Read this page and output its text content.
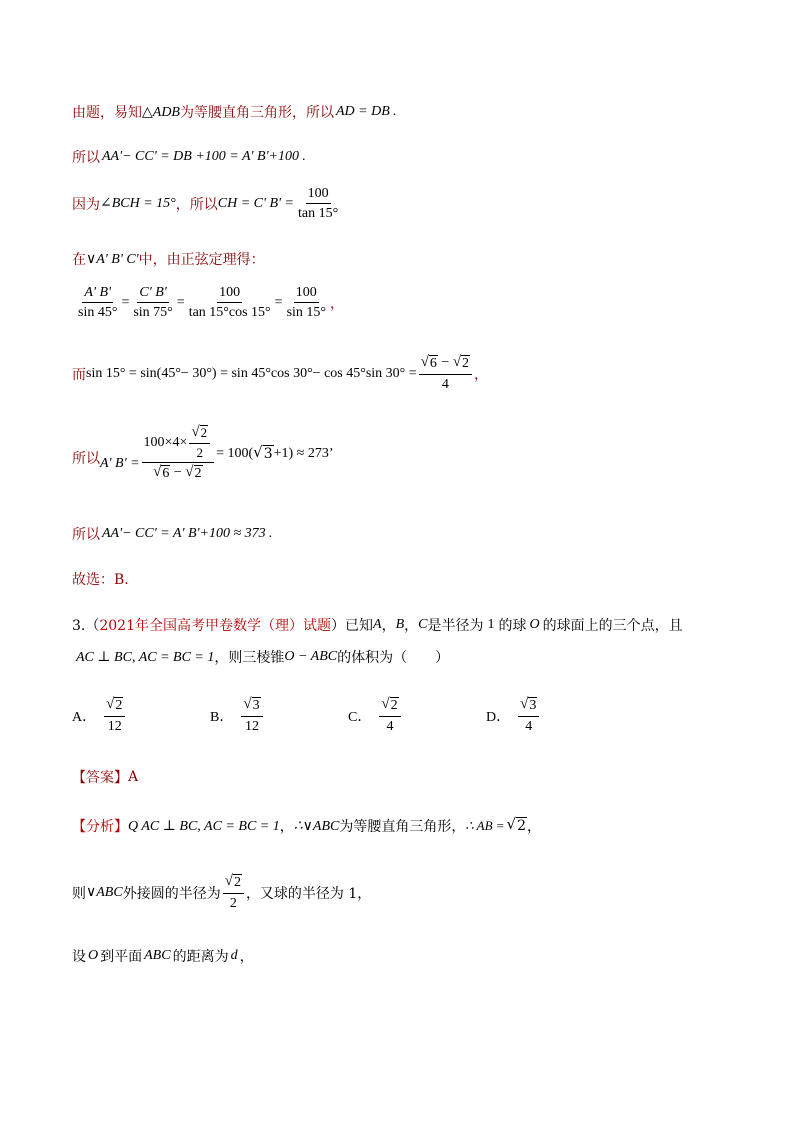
由题，易知 △ADB 为等腰直角三角形，所以 AD = DB .
所以 AA'− CC' = DB +100 = A' B'+100 .
因为 ∠BCH = 15° ，所以 CH = C' $B' = \frac{100}{\tan 15^\circ}$
在 ∨A' B' C' 中，由正弦定理得：
$\frac{A' B'}{\sin 45^\circ} = \frac{C' B'}{\sin 75^\circ} = \frac{100}{\tan 15^\circ\cos 15^\circ} = \frac{100}{\sin 15^\circ}$ ，
而 sin 15° = sin(45°− 30°) = sin 45°cos 30°− cos 45°sin $30^\circ = \frac{√ 6 - √ 2}{4}$ ，
所以 A' $B' = \frac{100\times 4\times \frac{√ 2}{2}}{√ 6 - √ 2} = 100$( √ 3 +1) ≈ 273 ’
所以 AA'− CC' = A' B'+100 ≈ 373 .
故选：B.
3.（ 2021年全国高考甲卷数学（理）试题 ）已知 A ， B ， C 是半径为 1 的球 O 的球面上的三个点，且
AC ⊥ BC, AC = BC = 1 ，则三棱锥 O − ABC 的体积为（　　）
A． $\frac{√ 2}{12}$	B． $\frac{√ 3}{12}$	C． $\frac{√ 2}{4}$	D． $\frac{√ 3}{4}$
【答案】 A
【分析】 Q AC ⊥ BC, AC = BC = 1 ， ∴∨ABC 为等腰直角三角形， ∴ AB = √ 2 ，
则 ∨ABC 外接圆的半径为 $\frac{√ 2}{2}$ ，又球的半径为 1，
设 O 到平面 ABC 的距离为 d ，
